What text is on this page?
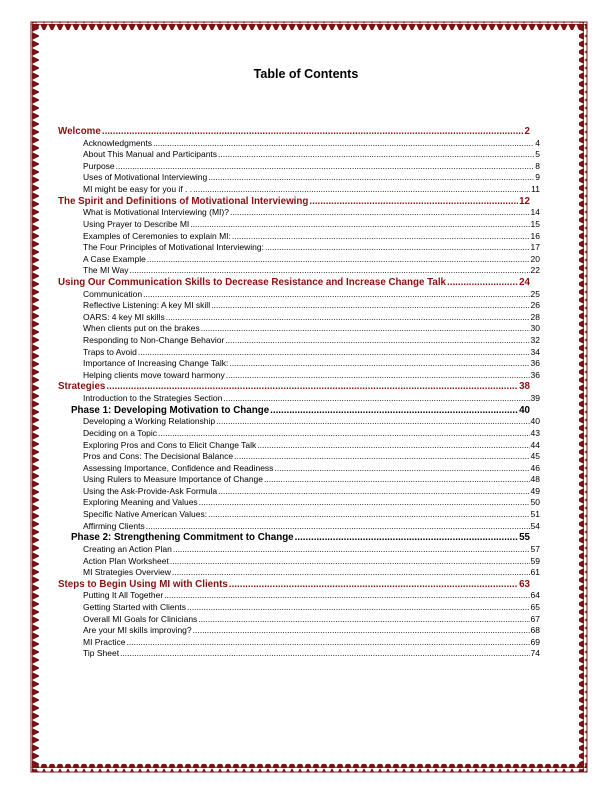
Table of Contents
Welcome .....	2
Acknowledgments .....	4
About This Manual and Participants .....	5
Purpose .....	8
Uses of Motivational Interviewing .....	9
MI might be easy for you if . . .....	11
The Spirit and Definitions of Motivational Interviewing .....	12
What is Motivational Interviewing (MI)? .....	14
Using Prayer to Describe MI .....	15
Examples of Ceremonies to explain MI: .....	16
The Four Principles of Motivational Interviewing: .....	17
A Case Example .....	20
The MI Way .....	22
Using Our Communication Skills to Decrease Resistance and Increase Change Talk .....	24
Communication .....	25
Reflective Listening: A key MI skill .....	26
OARS: 4 key MI skills .....	28
When clients put on the brakes .....	30
Responding to Non-Change Behavior .....	32
Traps to Avoid .....	34
Importance of Increasing Change Talk: .....	36
Helping clients move toward harmony .....	36
Strategies .....	38
Introduction to the Strategies Section .....	39
Phase 1: Developing Motivation to Change .....	40
Developing a Working Relationship .....	40
Deciding on a Topic .....	43
Exploring Pros and Cons to Elicit Change Talk .....	44
Pros and Cons: The Decisional Balance .....	45
Assessing Importance, Confidence and Readiness .....	46
Using Rulers to Measure Importance of Change .....	48
Using the Ask-Provide-Ask Formula .....	49
Exploring Meaning and Values .....	50
Specific Native American Values: .....	51
Affirming Clients .....	54
Phase 2: Strengthening Commitment to Change .....	55
Creating an Action Plan .....	57
Action Plan Worksheet .....	59
MI Strategies Overview .....	61
Steps to Begin Using MI with Clients .....	63
Putting It All Together .....	64
Getting Started with Clients .....	65
Overall MI Goals for Clinicians .....	67
Are your MI skills improving? .....	68
MI Practice .....	69
Tip Sheet .....	74
